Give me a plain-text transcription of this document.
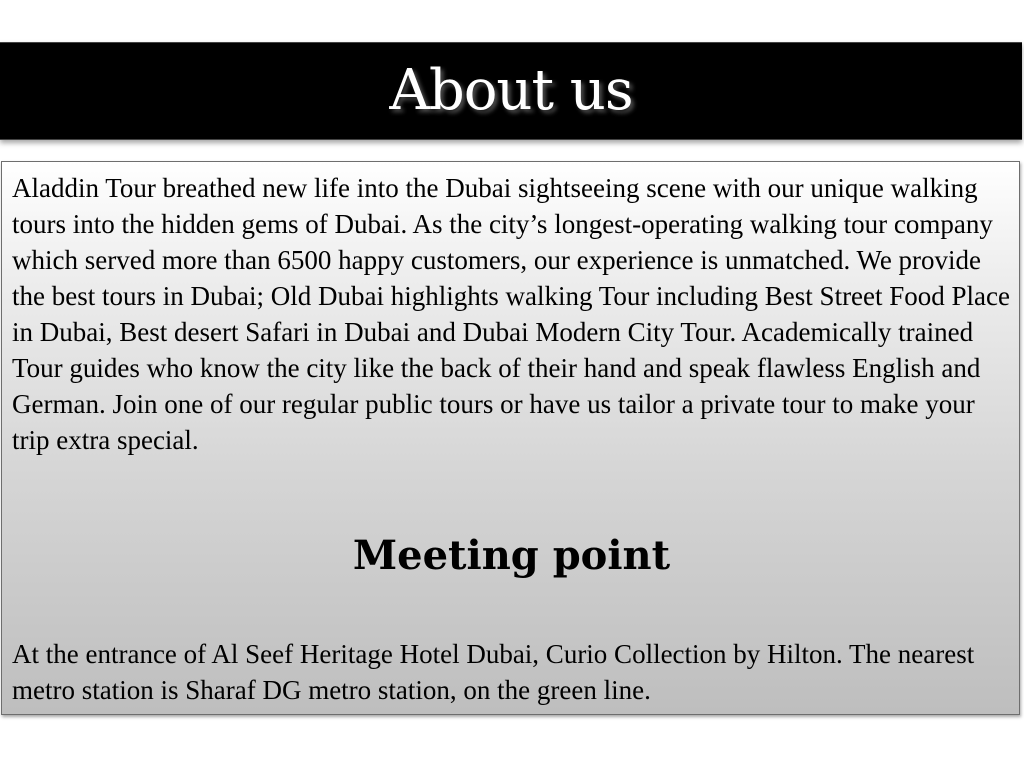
About us

Aladdin Tour breathed new life into the Dubai sightseeing scene with our unique walking tours into the hidden gems of Dubai. As the city’s longest-operating walking tour company which served more than 6500 happy customers, our experience is unmatched. We provide the best tours in Dubai; Old Dubai highlights walking Tour including Best Street Food Place in Dubai, Best desert Safari in Dubai and Dubai Modern City Tour. Academically trained Tour guides who know the city like the back of their hand and speak flawless English and German. Join one of our regular public tours or have us tailor a private tour to make your trip extra special.

Meeting point

At the entrance of Al Seef Heritage Hotel Dubai, Curio Collection by Hilton. The nearest metro station is Sharaf DG metro station, on the green line.
